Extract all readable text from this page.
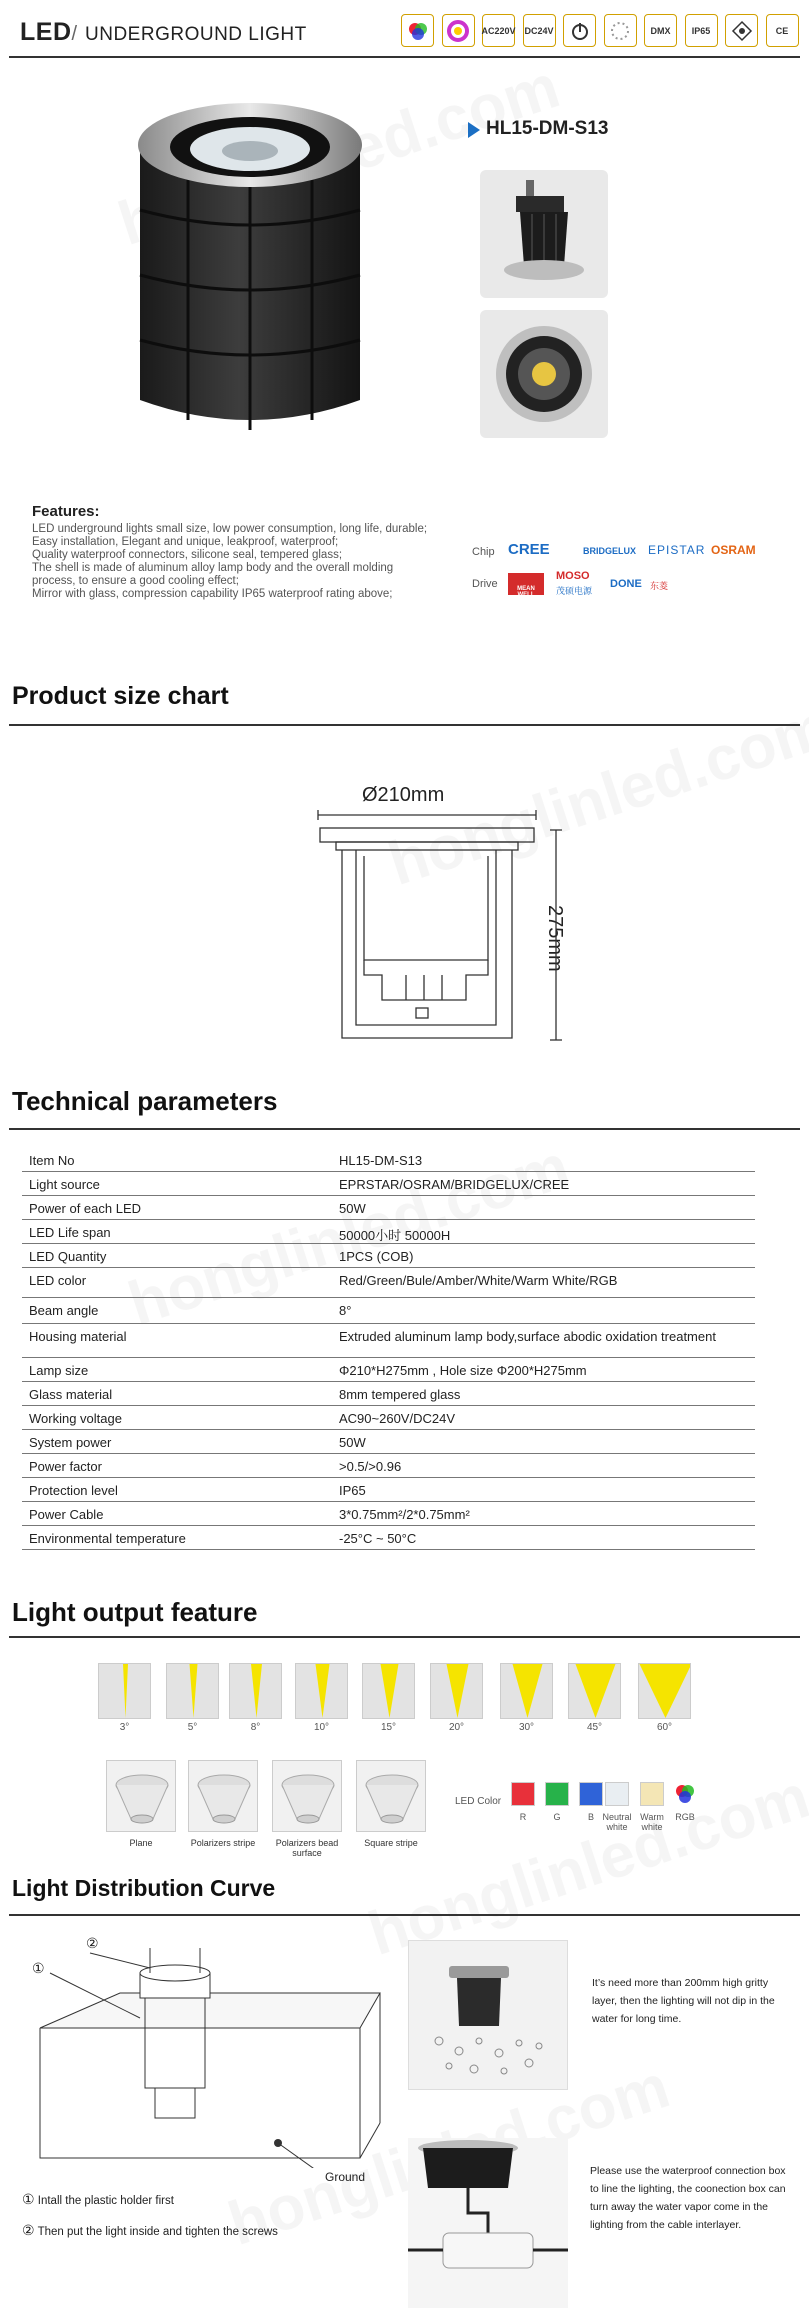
LED/ UNDERGROUND LIGHT	AC220V DC24V	DMX	IP65	CE
HL15-DM-S13
Features:
LED underground lights small size, low power consumption, long life, durable;
Easy installation, Elegant and unique, leakproof, waterproof;
Quality waterproof connectors, silicone seal, tempered glass;
The shell is made of aluminum alloy lamp body and the overall molding
process, to ensure a good cooling effect;
Mirror with glass, compression capability IP65 waterproof rating above;
Chip CREE	BRIDGELUX EPISTAR OSRAM
Drive	MEAN WELL
MOSO
茂硕电源
DONE 东菱
Product size chart
Ø210mm
275mm
Technical parameters
Item No	HL15-DM-S13
Light source	EPRSTAR/OSRAM/BRIDGELUX/CREE
Power of each LED	50W
LED Life span	50000小时 50000H
LED Quantity	1PCS (COB)
LED color	Red/Green/Bule/Amber/White/Warm White/RGB
Beam angle	8°
Housing material	Extruded aluminum lamp body,surface abodic oxidation treatment
Lamp size	Φ210*H275mm , Hole size Φ200*H275mm
Glass material	8mm tempered glass
Working voltage	AC90~260V/DC24V
System power	50W
Power factor	>0.5/>0.96
Protection level	IP65
Power Cable	3*0.75mm²/2*0.75mm²
Environmental temperature	-25°C ~ 50°C
Light output feature
3°	5°	8°	10°	15°	20°	30°	45°	60°
Plane	Polarizers stripe	Polarizers bead surface
Square stripe
LED Color
R	G	B Neutral white
Warm white
RGB
Light Distribution Curve
②
①
Ground
① Intall the plastic holder first
② Then put the light inside and tighten the screws
It’s need more than 200mm high gritty layer, then the lighting will not dip in the water for long time.
Please use the waterproof connection box to line the lighting, the coonection box can turn away the water vapor come in the lighting from the cable interlayer.
